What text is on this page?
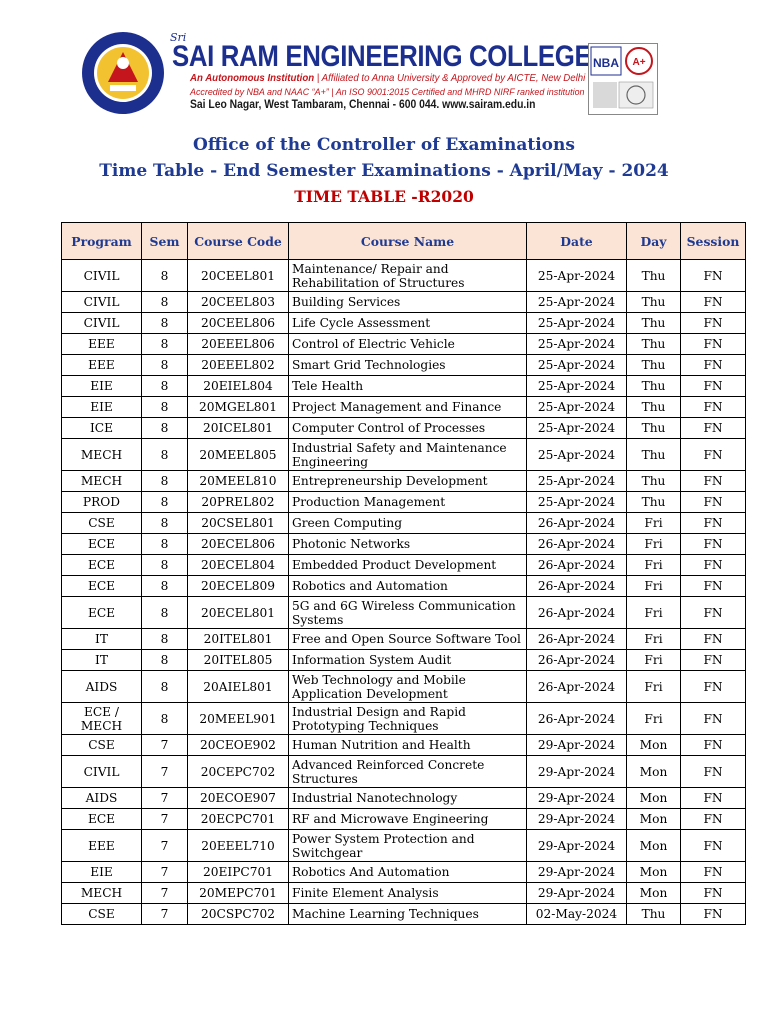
Sri
SAI RAM ENGINEERING COLLEGE
An Autonomous Institution | Affiliated to Anna University & Approved by AICTE, New Delhi
Accredited by NBA and NAAC “A+” | An ISO 9001:2015 Certified and MHRD NIRF ranked institution
Sai Leo Nagar, West Tambaram, Chennai - 600 044. www.sairam.edu.in
NBA A+
Office of the Controller of Examinations
Time Table - End Semester Examinations - April/May - 2024
TIME TABLE -R2020
Program	Sem	Course Code	Course Name	Date	Day	Session
CIVIL	8	20CEEL801	Maintenance/ Repair and Rehabilitation of Structures	25-Apr-2024	Thu	FN
CIVIL	8	20CEEL803	Building Services	25-Apr-2024	Thu	FN
CIVIL	8	20CEEL806	Life Cycle Assessment	25-Apr-2024	Thu	FN
EEE	8	20EEEL806	Control of Electric Vehicle	25-Apr-2024	Thu	FN
EEE	8	20EEEL802	Smart Grid Technologies	25-Apr-2024	Thu	FN
EIE	8	20EIEL804	Tele Health	25-Apr-2024	Thu	FN
EIE	8	20MGEL801	Project Management and Finance	25-Apr-2024	Thu	FN
ICE	8	20ICEL801	Computer Control of Processes	25-Apr-2024	Thu	FN
MECH	8	20MEEL805	Industrial Safety and Maintenance Engineering	25-Apr-2024	Thu	FN
MECH	8	20MEEL810	Entrepreneurship Development	25-Apr-2024	Thu	FN
PROD	8	20PREL802	Production Management	25-Apr-2024	Thu	FN
CSE	8	20CSEL801	Green Computing	26-Apr-2024	Fri	FN
ECE	8	20ECEL806	Photonic Networks	26-Apr-2024	Fri	FN
ECE	8	20ECEL804	Embedded Product Development	26-Apr-2024	Fri	FN
ECE	8	20ECEL809	Robotics and Automation	26-Apr-2024	Fri	FN
ECE	8	20ECEL801	5G and 6G Wireless Communication Systems	26-Apr-2024	Fri	FN
IT	8	20ITEL801	Free and Open Source Software Tool	26-Apr-2024	Fri	FN
IT	8	20ITEL805	Information System Audit	26-Apr-2024	Fri	FN
AIDS	8	20AIEL801	Web Technology and Mobile Application Development	26-Apr-2024	Fri	FN
ECE / MECH	8	20MEEL901	Industrial Design and Rapid Prototyping Techniques	26-Apr-2024	Fri	FN
CSE	7	20CEOE902	Human Nutrition and Health	29-Apr-2024	Mon	FN
CIVIL	7	20CEPC702	Advanced Reinforced Concrete Structures	29-Apr-2024	Mon	FN
AIDS	7	20ECOE907	Industrial Nanotechnology	29-Apr-2024	Mon	FN
ECE	7	20ECPC701	RF and Microwave Engineering	29-Apr-2024	Mon	FN
EEE	7	20EEEL710	Power System Protection and Switchgear	29-Apr-2024	Mon	FN
EIE	7	20EIPC701	Robotics And Automation	29-Apr-2024	Mon	FN
MECH	7	20MEPC701	Finite Element Analysis	29-Apr-2024	Mon	FN
CSE	7	20CSPC702	Machine Learning Techniques	02-May-2024	Thu	FN
